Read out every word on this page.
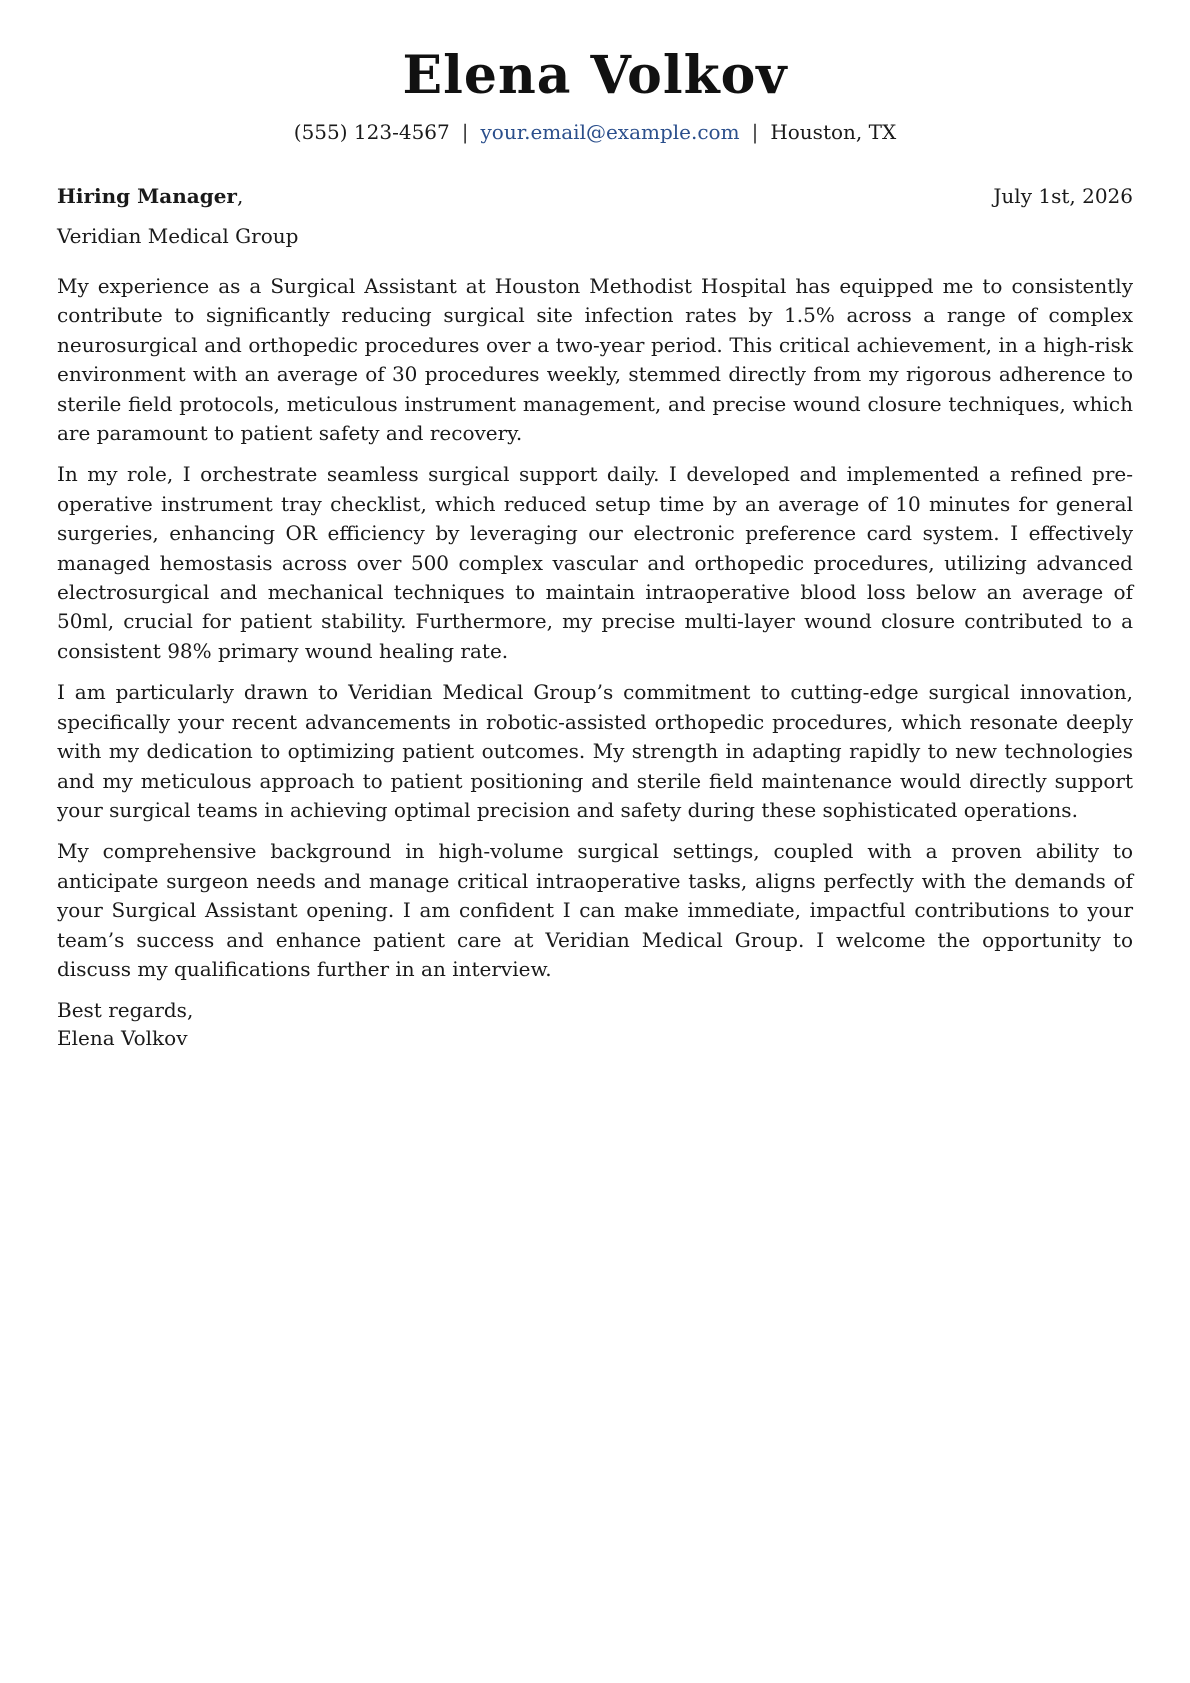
Elena Volkov
(555) 123-4567 | your.email@example.com | Houston, TX
Hiring Manager,	July 1st, 2026
Veridian Medical Group

My experience as a Surgical Assistant at Houston Methodist Hospital has equipped me to consistently contribute to significantly reducing surgical site infection rates by 1.5% across a range of complex neurosurgical and orthopedic procedures over a two-year period. This critical achievement, in a high-risk environment with an average of 30 procedures weekly, stemmed directly from my rigorous adherence to sterile field protocols, meticulous instrument management, and precise wound closure techniques, which are paramount to patient safety and recovery.

In my role, I orchestrate seamless surgical support daily. I developed and implemented a refined pre-operative instrument tray checklist, which reduced setup time by an average of 10 minutes for general surgeries, enhancing OR efficiency by leveraging our electronic preference card system. I effectively managed hemostasis across over 500 complex vascular and orthopedic procedures, utilizing advanced electrosurgical and mechanical techniques to maintain intraoperative blood loss below an average of 50ml, crucial for patient stability. Furthermore, my precise multi-layer wound closure contributed to a consistent 98% primary wound healing rate.

I am particularly drawn to Veridian Medical Group’s commitment to cutting-edge surgical innovation, specifically your recent advancements in robotic-assisted orthopedic procedures, which resonate deeply with my dedication to optimizing patient outcomes. My strength in adapting rapidly to new technologies and my meticulous approach to patient positioning and sterile field maintenance would directly support your surgical teams in achieving optimal precision and safety during these sophisticated operations.

My comprehensive background in high-volume surgical settings, coupled with a proven ability to anticipate surgeon needs and manage critical intraoperative tasks, aligns perfectly with the demands of your Surgical Assistant opening. I am confident I can make immediate, impactful contributions to your team’s success and enhance patient care at Veridian Medical Group. I welcome the opportunity to discuss my qualifications further in an interview.

Best regards,
Elena Volkov
